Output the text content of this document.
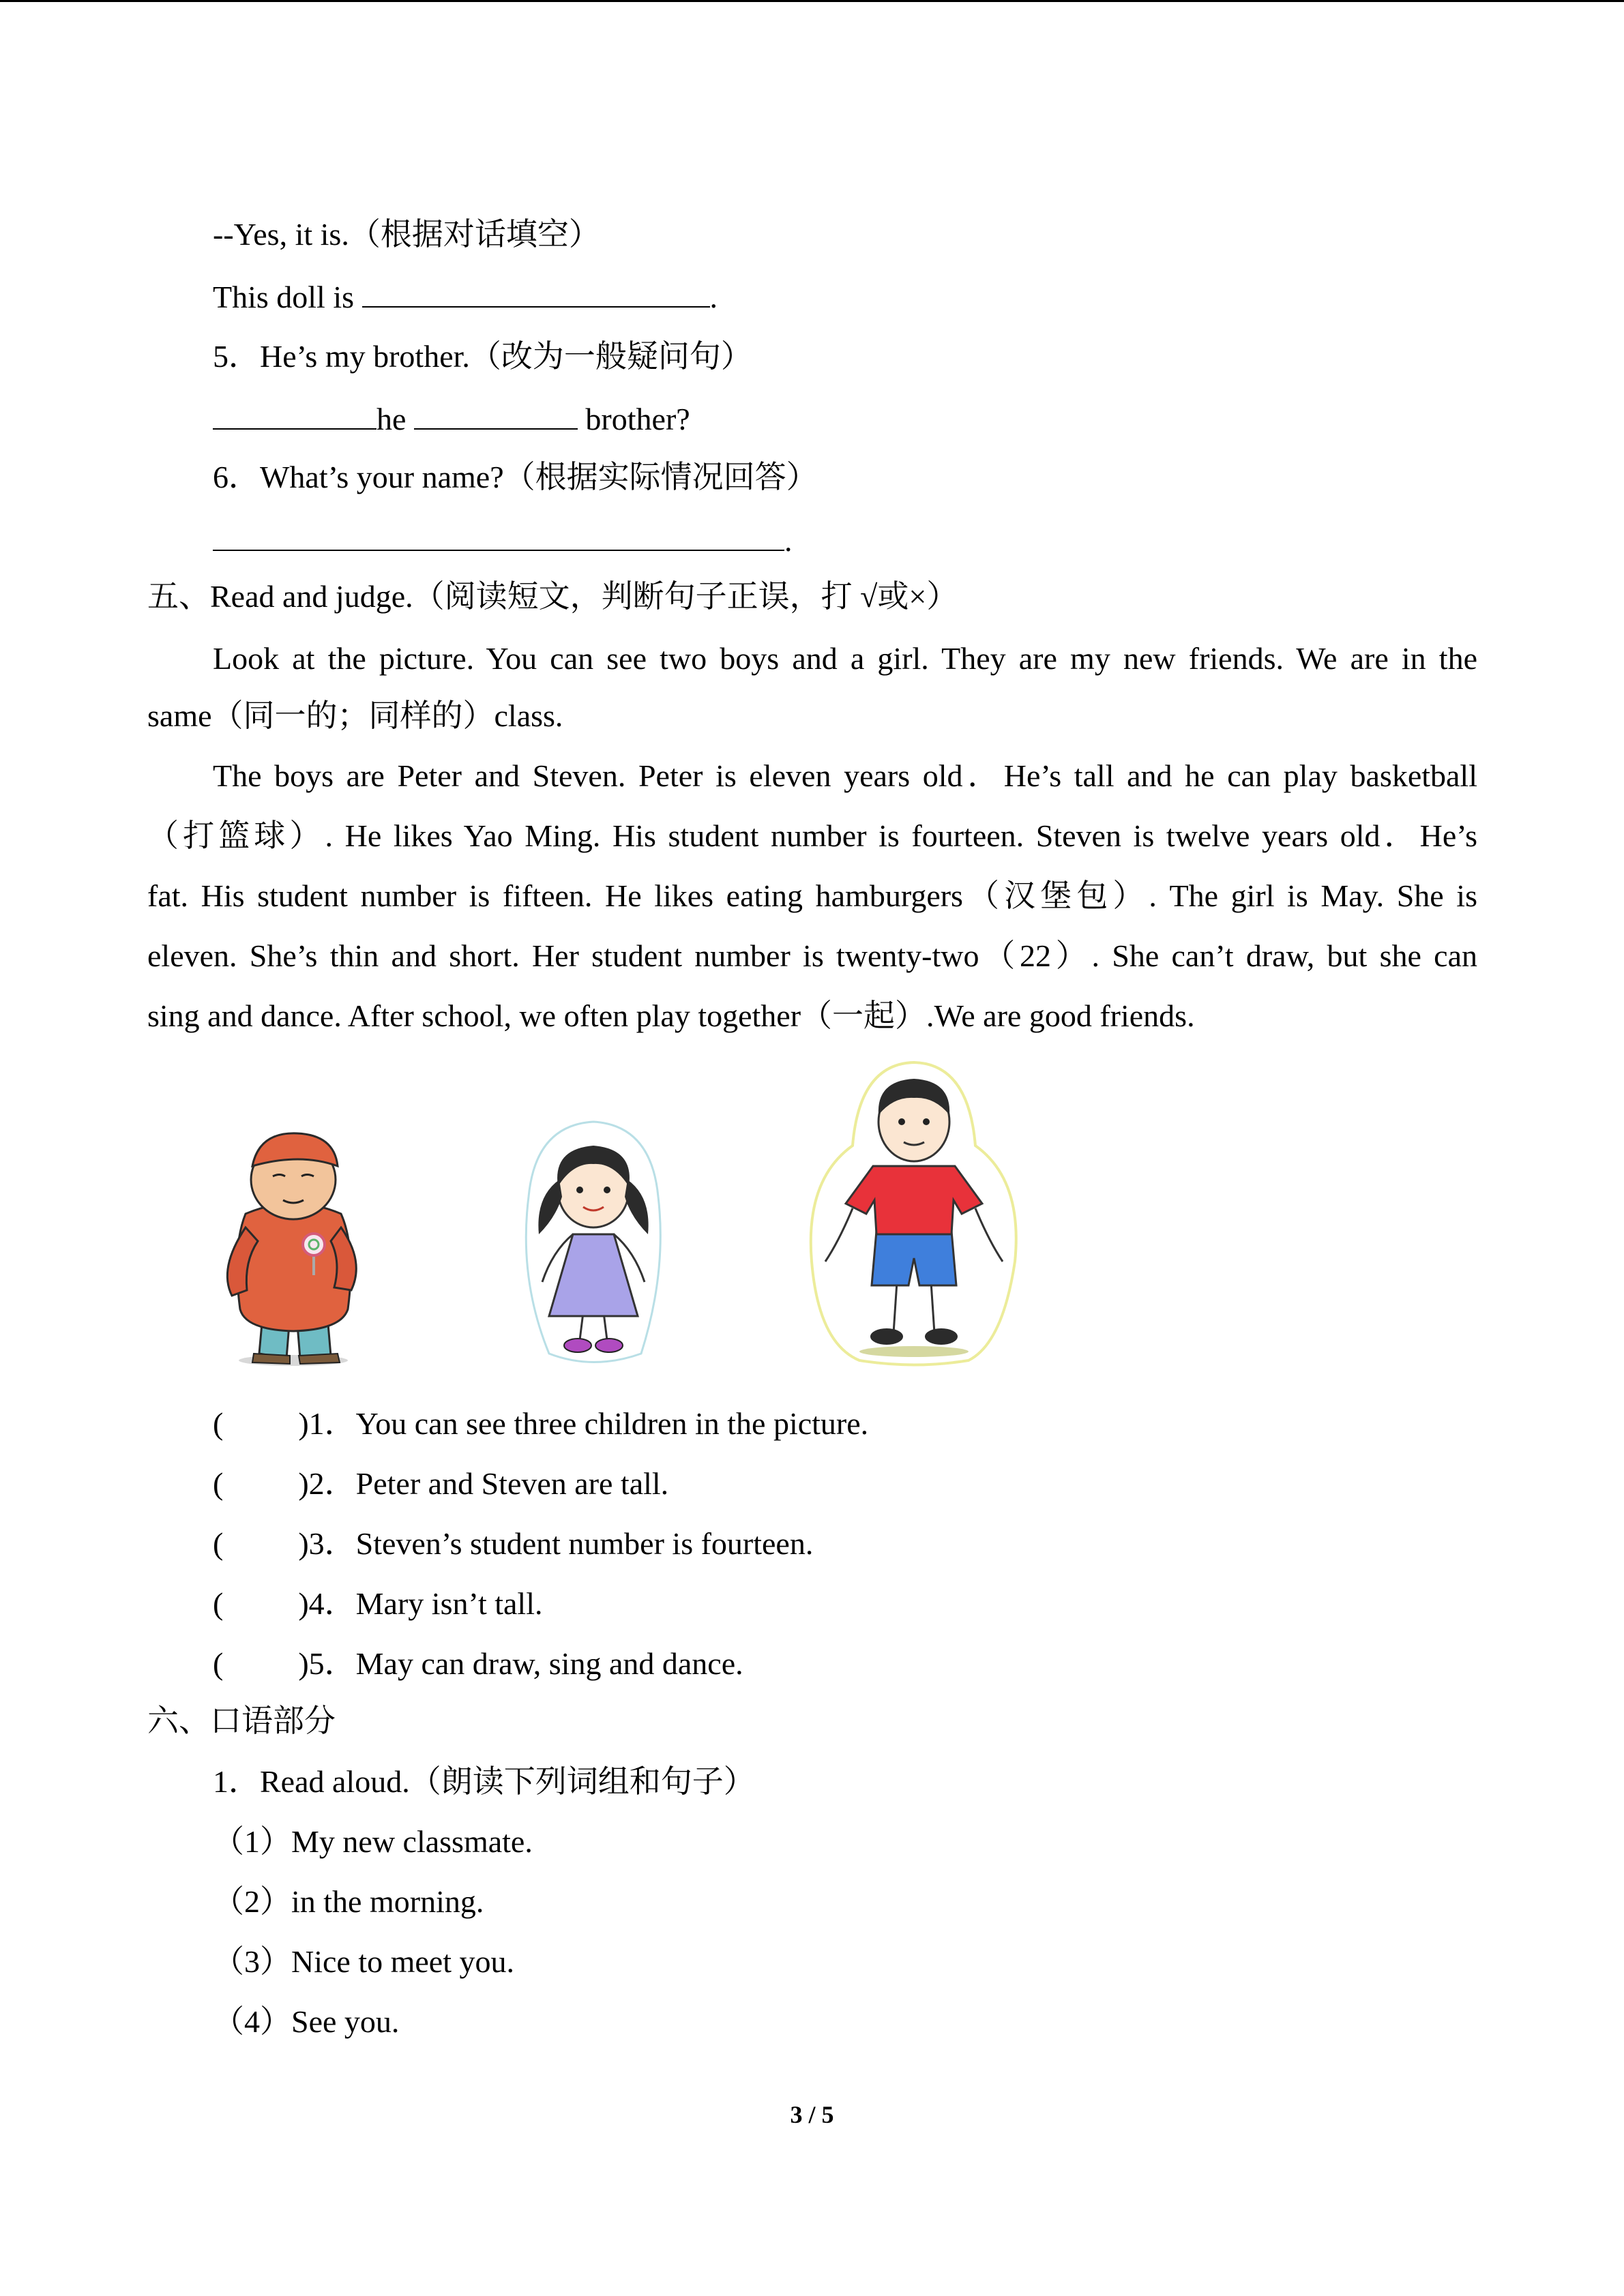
--Yes, it is.（根据对话填空）
This doll is	.
5．He’s my brother.（改为一般疑问句）
he	brother?
6．What’s your name?（根据实际情况回答）
.
五、Read and judge.（阅读短文，判断句子正误，打 √或×）
Look at the picture. You can see two boys and a girl. They are my new friends. We are in the
same（同一的；同样的）class.
The boys are Peter and Steven. Peter is eleven years old．He’s tall and he can play basketball
（打篮球）. He likes Yao Ming. His student number is fourteen. Steven is twelve years old．He’s
fat. His student number is fifteen. He likes eating hamburgers（汉堡包）. The girl is May. She is
eleven. She’s thin and short. Her student number is twenty-two（22）. She can’t draw, but she can
sing and dance. After school, we often play together（一起）.We are good friends.
( )1．You can see three children in the picture.
( )2．Peter and Steven are tall.
( )3．Steven’s student number is fourteen.
( )4．Mary isn’t tall.
( )5．May can draw, sing and dance.
六、口语部分
1．Read aloud.（朗读下列词组和句子）
（1）My new classmate.
（2）in the morning.
（3）Nice to meet you.
（4）See you.
3 / 5
